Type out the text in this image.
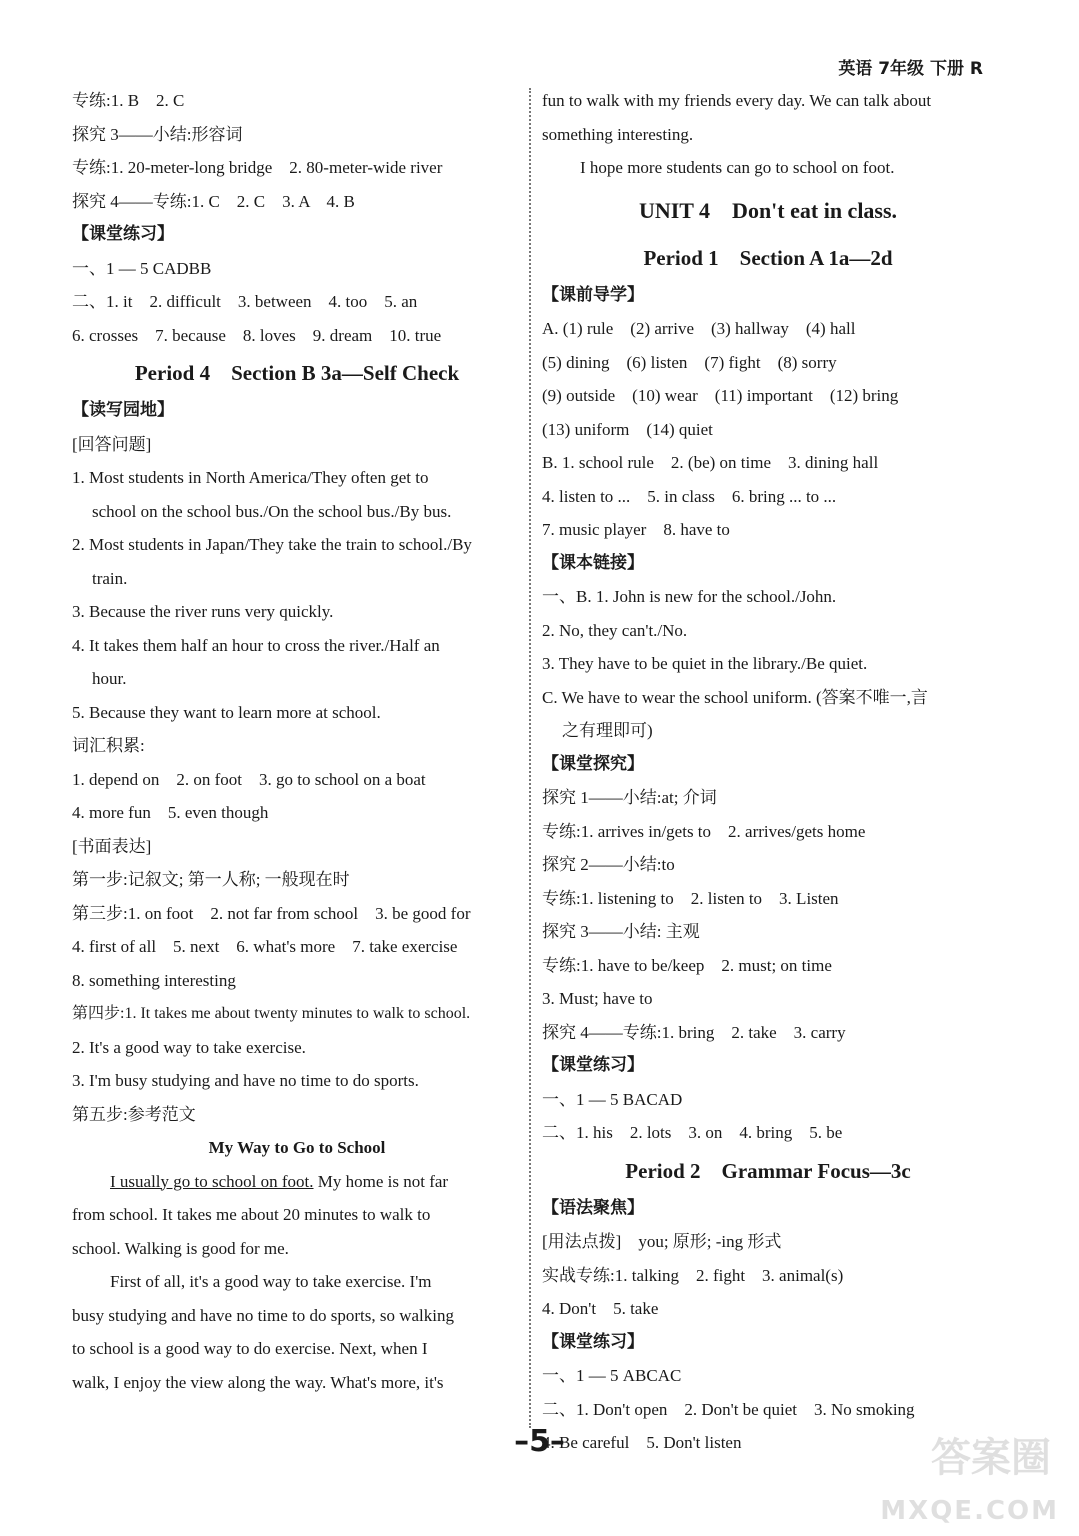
英语 7年级 下册 R
专练:1. B　2. C
探究 3——小结:形容词
专练:1. 20-meter-long bridge　2. 80-meter-wide river
探究 4——专练:1. C　2. C　3. A　4. B
【课堂练习】
一、1 — 5 CADBB
二、1. it　2. difficult　3. between　4. too　5. an
6. crosses　7. because　8. loves　9. dream　10. true
Period 4　Section B 3a—Self Check
【读写园地】
[回答问题]
1. Most students in North America/They often get to
school on the school bus./On the school bus./By bus.
2. Most students in Japan/They take the train to school./By
train.
3. Because the river runs very quickly.
4. It takes them half an hour to cross the river./Half an
hour.
5. Because they want to learn more at school.
词汇积累:
1. depend on　2. on foot　3. go to school on a boat
4. more fun　5. even though
[书面表达]
第一步:记叙文; 第一人称; 一般现在时
第三步:1. on foot　2. not far from school　3. be good for
4. first of all　5. next　6. what's more　7. take exercise
8. something interesting
第四步:1. It takes me about twenty minutes to walk to school.
2. It's a good way to take exercise.
3. I'm busy studying and have no time to do sports.
第五步:参考范文
My Way to Go to School
I usually go to school on foot. My home is not far
from school. It takes me about 20 minutes to walk to
school. Walking is good for me.
First of all, it's a good way to take exercise. I'm
busy studying and have no time to do sports, so walking
to school is a good way to do exercise. Next, when I
walk, I enjoy the view along the way. What's more, it's
fun to walk with my friends every day. We can talk about
something interesting.
I hope more students can go to school on foot.
UNIT 4　Don't eat in class.
Period 1　Section A 1a—2d
【课前导学】
A. (1) rule　(2) arrive　(3) hallway　(4) hall
(5) dining　(6) listen　(7) fight　(8) sorry
(9) outside　(10) wear　(11) important　(12) bring
(13) uniform　(14) quiet
B. 1. school rule　2. (be) on time　3. dining hall
4. listen to ...　5. in class　6. bring ... to ...
7. music player　8. have to
【课本链接】
一、B. 1. John is new for the school./John.
2. No, they can't./No.
3. They have to be quiet in the library./Be quiet.
C. We have to wear the school uniform. (答案不唯一,言
之有理即可)
【课堂探究】
探究 1——小结:at; 介词
专练:1. arrives in/gets to　2. arrives/gets home
探究 2——小结:to
专练:1. listening to　2. listen to　3. Listen
探究 3——小结: 主观
专练:1. have to be/keep　2. must; on time
3. Must; have to
探究 4——专练:1. bring　2. take　3. carry
【课堂练习】
一、1 — 5 BACAD
二、1. his　2. lots　3. on　4. bring　5. be
Period 2　Grammar Focus—3c
【语法聚焦】
[用法点拨]　you; 原形; -ing 形式
实战专练:1. talking　2. fight　3. animal(s)
4. Don't　5. take
【课堂练习】
一、1 — 5 ABCAC
二、1. Don't open　2. Don't be quiet　3. No smoking
4. Be careful　5. Don't listen
–5–	答案圈
MXQE.COM
